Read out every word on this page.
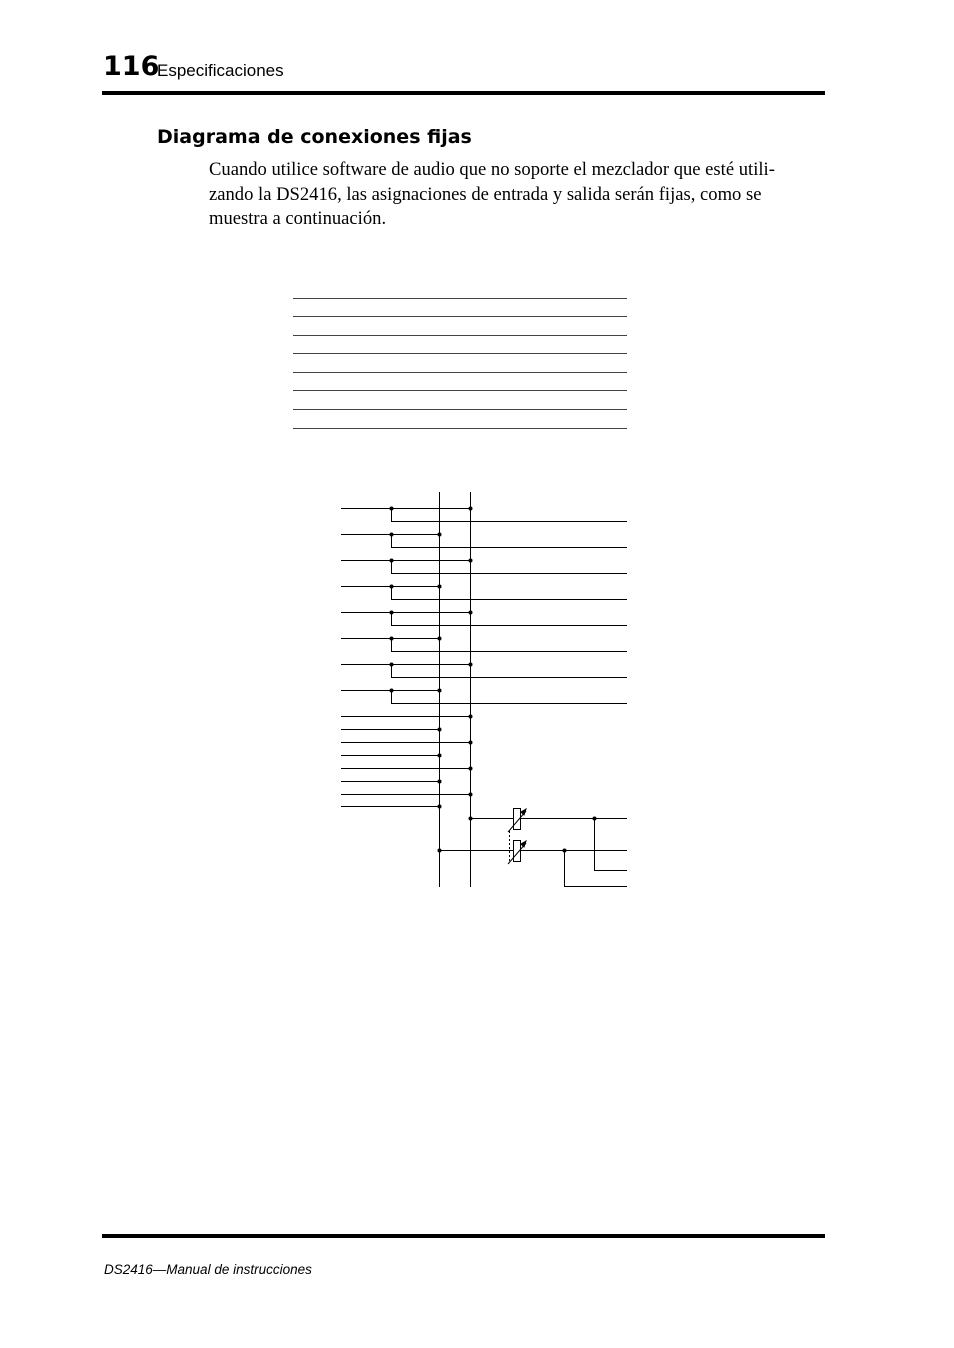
116
Especificaciones
Diagrama de conexiones fijas

Cuando utilice software de audio que no soporte el mezclador que esté utili-
zando la DS2416, las asignaciones de entrada y salida serán fijas, como se
muestra a continuación.

DS2416—Manual de instrucciones
